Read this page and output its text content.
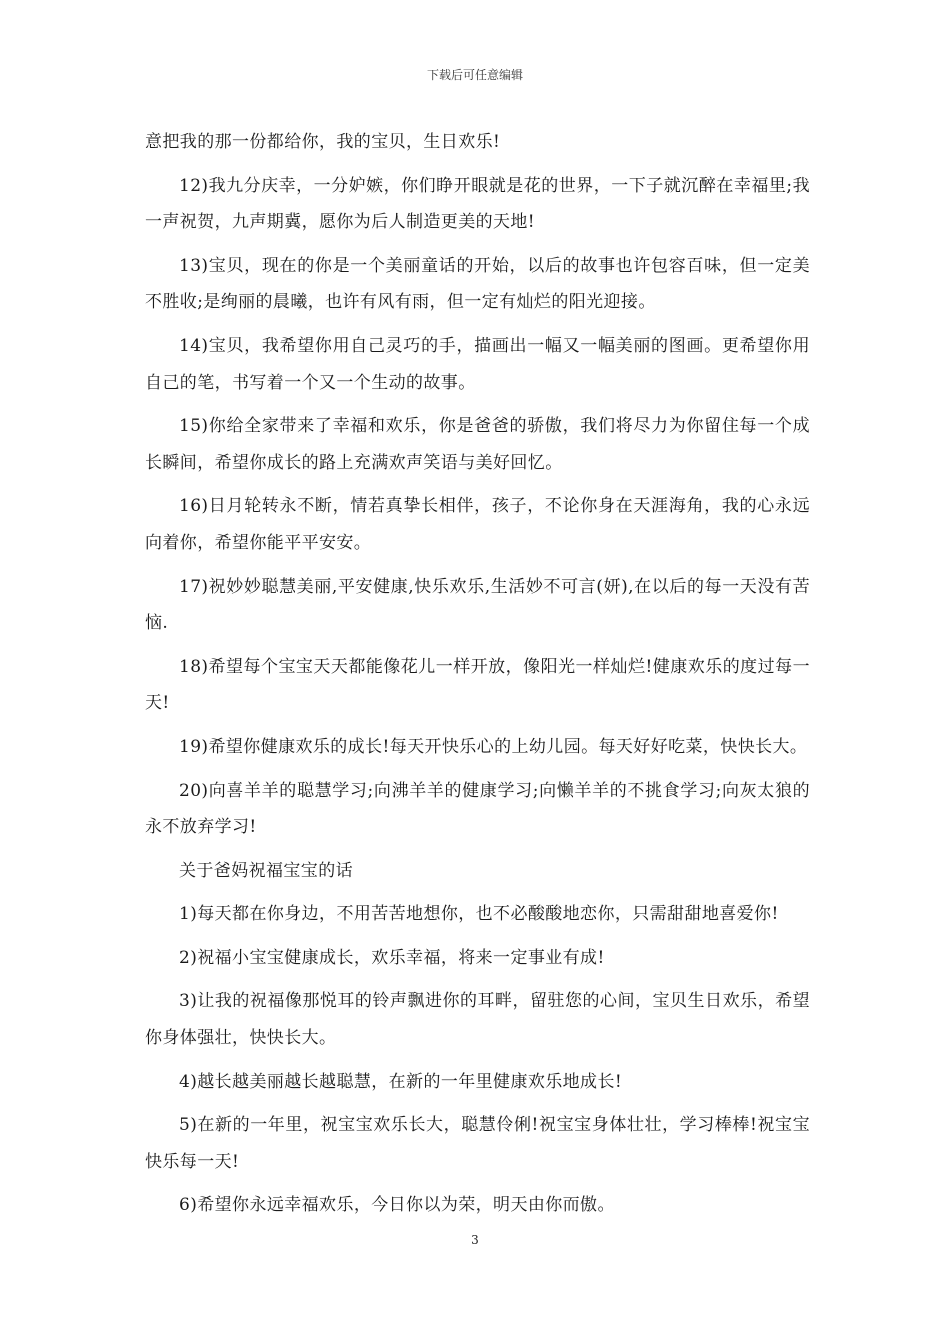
下载后可任意编辑

意把我的那一份都给你，我的宝贝，生日欢乐!

12)我九分庆幸，一分妒嫉，你们睁开眼就是花的世界，一下子就沉醉在幸福里;我一声祝贺，九声期冀，愿你为后人制造更美的天地!

13)宝贝，现在的你是一个美丽童话的开始，以后的故事也许包容百味，但一定美不胜收;是绚丽的晨曦，也许有风有雨，但一定有灿烂的阳光迎接。

14)宝贝，我希望你用自己灵巧的手，描画出一幅又一幅美丽的图画。更希望你用自己的笔，书写着一个又一个生动的故事。

15)你给全家带来了幸福和欢乐，你是爸爸的骄傲，我们将尽力为你留住每一个成长瞬间，希望你成长的路上充满欢声笑语与美好回忆。

16)日月轮转永不断，情若真挚长相伴，孩子，不论你身在天涯海角，我的心永远向着你，希望你能平平安安。

17)祝妙妙聪慧美丽,平安健康,快乐欢乐,生活妙不可言(妍),在以后的每一天没有苦恼.

18)希望每个宝宝天天都能像花儿一样开放，像阳光一样灿烂!健康欢乐的度过每一天!

19)希望你健康欢乐的成长!每天开快乐心的上幼儿园。每天好好吃菜，快快长大。

20)向喜羊羊的聪慧学习;向沸羊羊的健康学习;向懒羊羊的不挑食学习;向灰太狼的永不放弃学习!

关于爸妈祝福宝宝的话

1)每天都在你身边，不用苦苦地想你，也不必酸酸地恋你，只需甜甜地喜爱你!

2)祝福小宝宝健康成长，欢乐幸福，将来一定事业有成!

3)让我的祝福像那悦耳的铃声飘进你的耳畔，留驻您的心间，宝贝生日欢乐，希望你身体强壮，快快长大。

4)越长越美丽越长越聪慧，在新的一年里健康欢乐地成长!

5)在新的一年里，祝宝宝欢乐长大，聪慧伶俐!祝宝宝身体壮壮，学习棒棒!祝宝宝快乐每一天!

6)希望你永远幸福欢乐，今日你以为荣，明天由你而傲。

3
